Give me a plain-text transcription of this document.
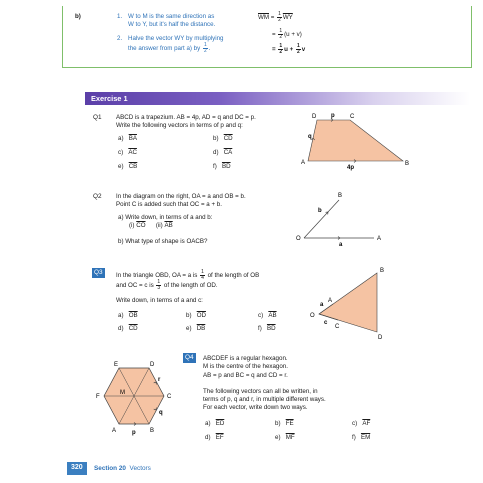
b)	1. W to M is the same direction as
W to Y, but it's half the distance.
2. Halve the vector WY by multiplying
the answer from part a) by $\frac{1}{2}$ .
$\overline{WM} = \frac{1}{2} \overline{WY}$
= $\frac{1}{2} (u + v)$
= $\frac{1}{2}$ $u + \frac{1}{2}$ v
Exercise 1
Q1 ABCD is a trapezium. AB = 4p, AD = q and DC = p.
Write the following vectors in terms of p and q:
a) $\overline{BA}$	b) $\overline{CD}$
c) $\overline{AC}$	d) $\overline{CA}$
e) $\overline{CB}$	f) $\overline{BD}$
D	C
A	B
p
q
4p
Q2 In the diagram on the right, OA = a and OB = b.
Point C is added such that OC = a + b.
a) Write down, in terms of a and b:
(i) $\overline{CO}$ (ii) $\overline{AB}$
b) What type of shape is OACB?	O	A
B
a
b
Q3	In the triangle OBD, OA = a is $\frac{1}{4}$ of the length of OB
and OC = c is $\frac{1}{3}$ of the length of OD.
Write down, in terms of a and c:
a) $\overline{OB}$	b) $\overline{OD}$	c) $\overline{AB}$
d) $\overline{CD}$	e) $\overline{DB}$	f) $\overline{BD}$
O
A
B
C
D
a
c
Q4	ABCDEF is a regular hexagon.
M is the centre of the hexagon.
AB = p and BC = q and CD = r.
The following vectors can all be written, in
terms of p, q and r, in multiple different ways.
For each vector, write down two ways.
a) $\overline{ED}$	b) $\overline{FE}$	c) $\overline{AF}$
d) $\overline{EF}$	e) $\overline{MF}$	f) $\overline{EM}$
E	D
F	C
A	B
M
p
q
r
320	Section 20 Vectors
